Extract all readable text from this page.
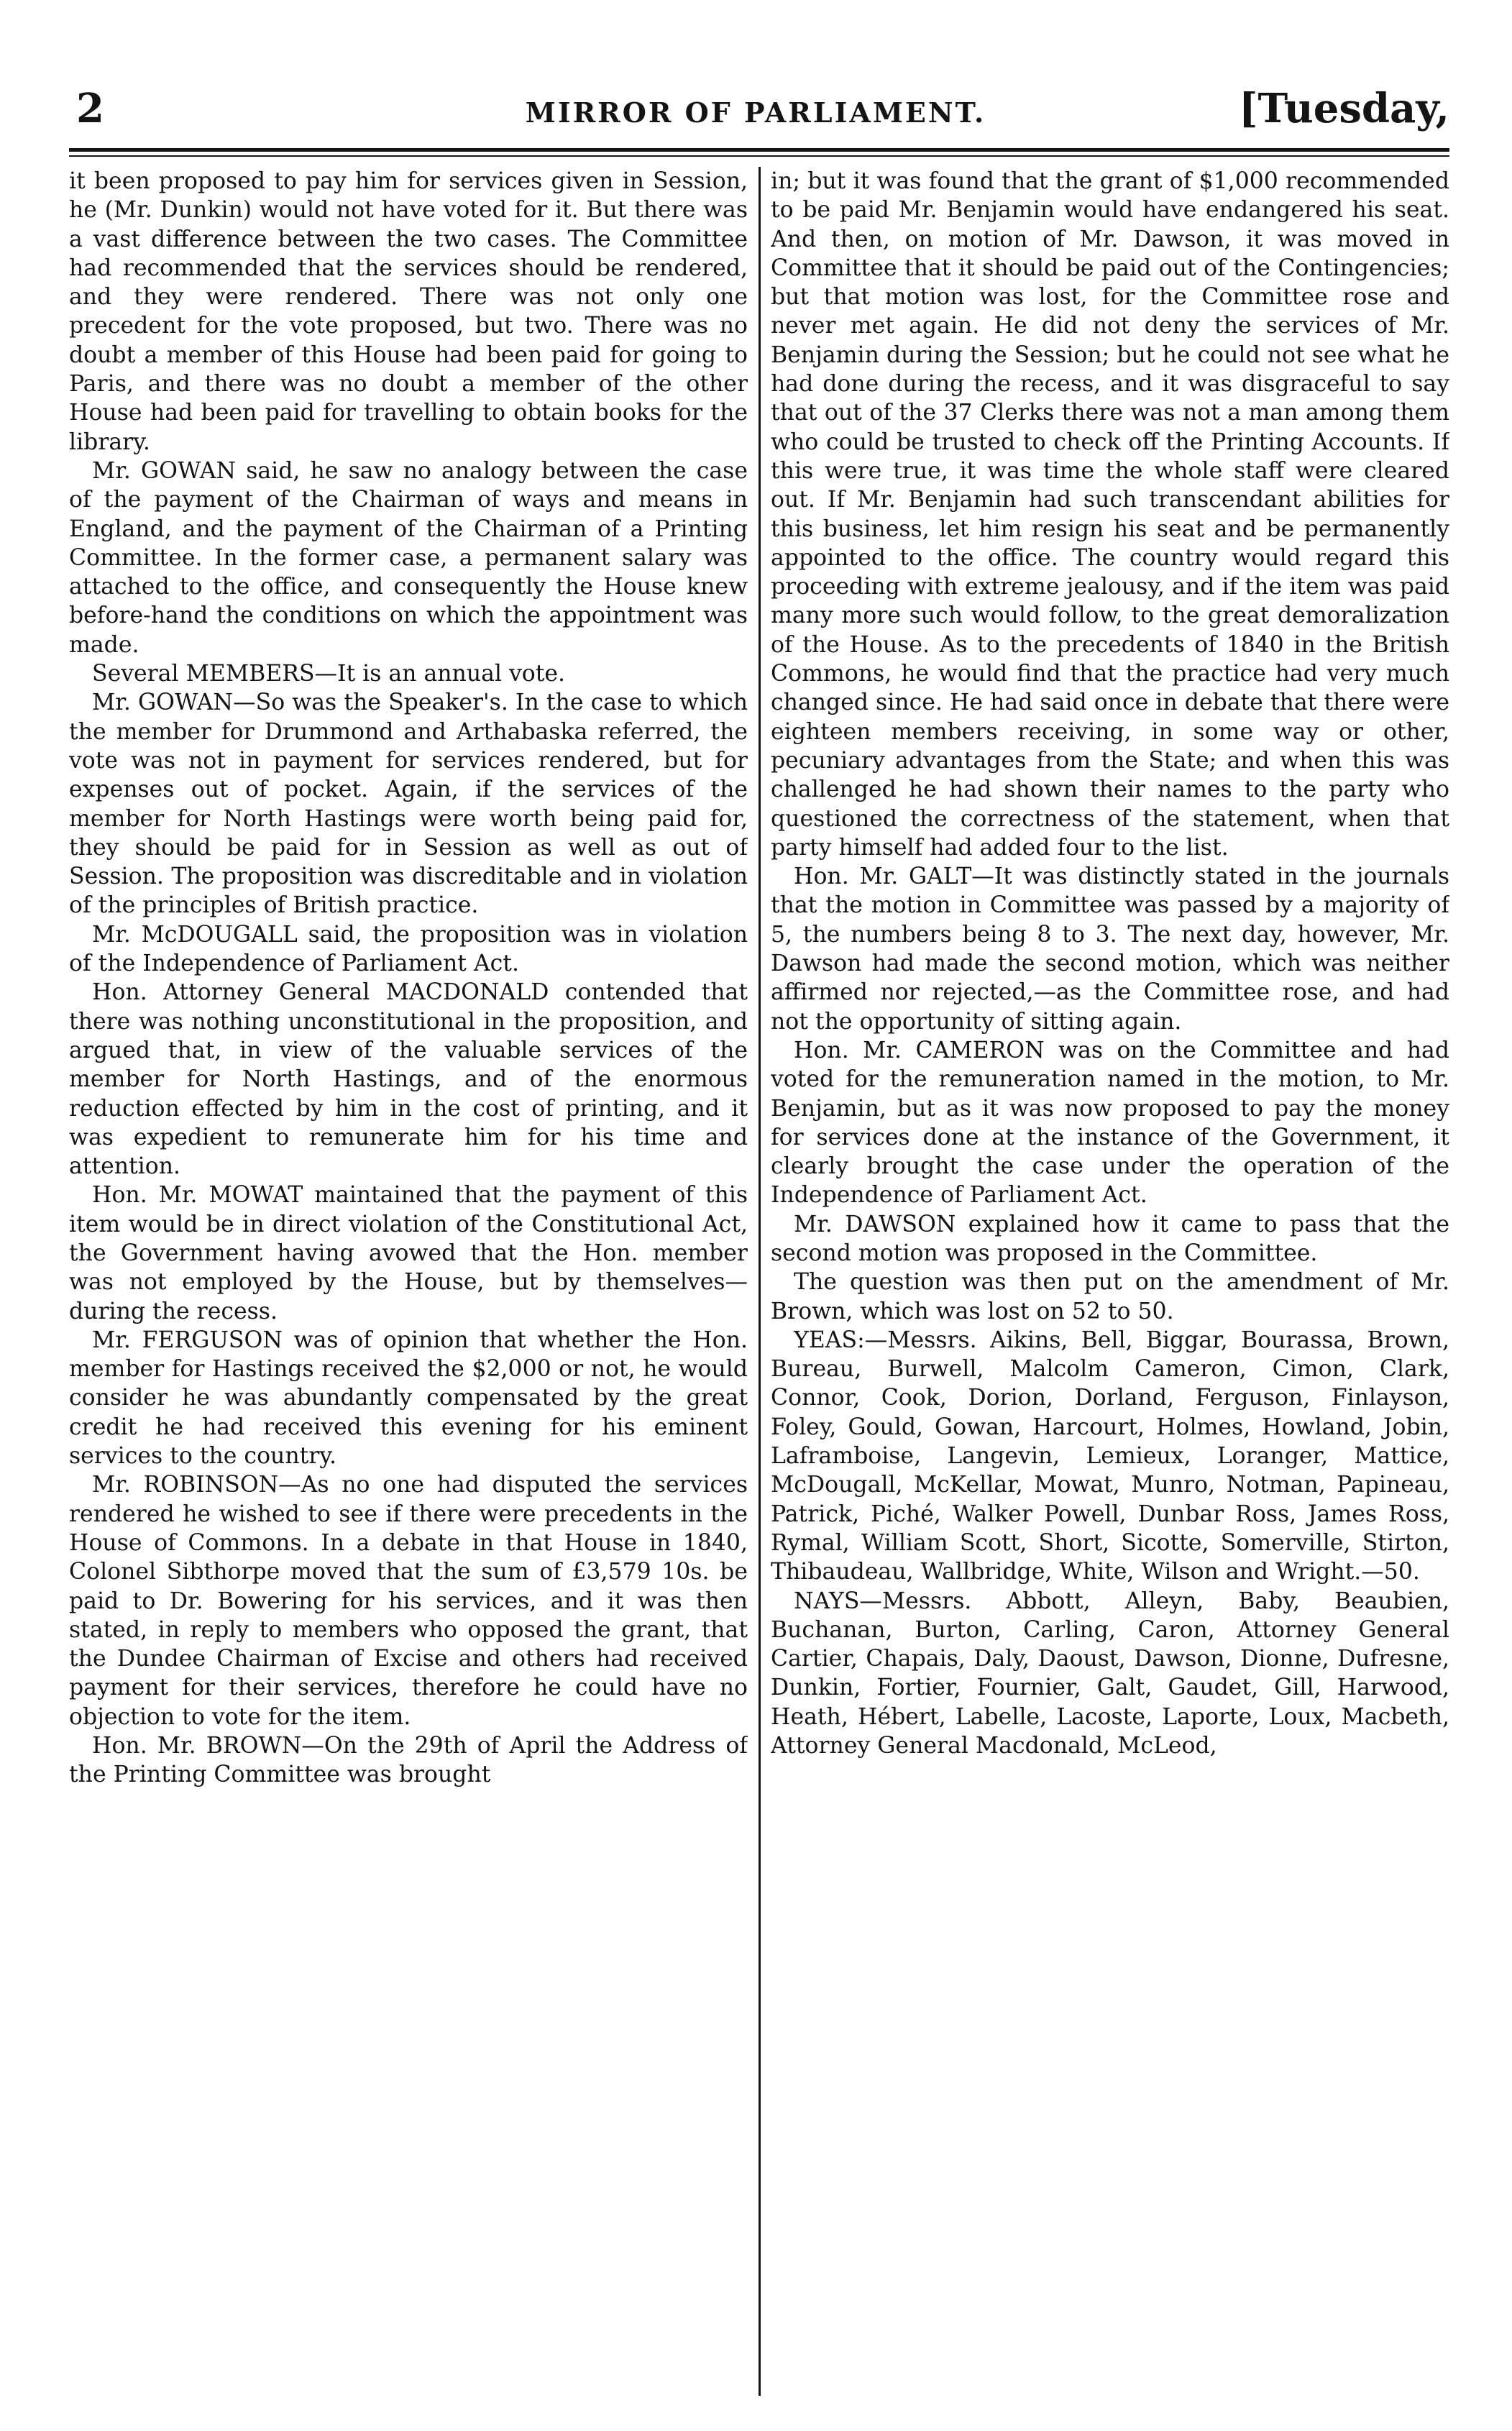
2	MIRROR OF PARLIAMENT.	[Tuesday,

it been proposed to pay him for services given in Session, he (Mr. Dunkin) would not have voted for it. But there was a vast difference between the two cases. The Committee had recommended that the services should be rendered, and they were rendered. There was not only one precedent for the vote proposed, but two. There was no doubt a member of this House had been paid for going to Paris, and there was no doubt a member of the other House had been paid for travelling to obtain books for the library.

Mr. GOWAN said, he saw no analogy between the case of the payment of the Chairman of ways and means in England, and the payment of the Chairman of a Printing Committee. In the former case, a permanent salary was attached to the office, and consequently the House knew before-hand the conditions on which the appointment was made.

Several MEMBERS—It is an annual vote.

Mr. GOWAN—So was the Speaker's. In the case to which the member for Drummond and Arthabaska referred, the vote was not in payment for services rendered, but for expenses out of pocket. Again, if the services of the member for North Hastings were worth being paid for, they should be paid for in Session as well as out of Session. The proposition was discreditable and in violation of the principles of British practice.

Mr. McDOUGALL said, the proposition was in violation of the Independence of Parliament Act.

Hon. Attorney General MACDONALD contended that there was nothing unconstitutional in the proposition, and argued that, in view of the valuable services of the member for North Hastings, and of the enormous reduction effected by him in the cost of printing, and it was expedient to remunerate him for his time and attention.

Hon. Mr. MOWAT maintained that the payment of this item would be in direct violation of the Constitutional Act, the Government having avowed that the Hon. member was not employed by the House, but by themselves—during the recess.

Mr. FERGUSON was of opinion that whether the Hon. member for Hastings received the $2,000 or not, he would consider he was abundantly compensated by the great credit he had received this evening for his eminent services to the country.

Mr. ROBINSON—As no one had disputed the services rendered he wished to see if there were precedents in the House of Commons. In a debate in that House in 1840, Colonel Sibthorpe moved that the sum of £3,579 10s. be paid to Dr. Bowering for his services, and it was then stated, in reply to members who opposed the grant, that the Dundee Chairman of Excise and others had received payment for their services, therefore he could have no objection to vote for the item.

Hon. Mr. BROWN—On the 29th of April the Address of the Printing Committee was brought

in; but it was found that the grant of $1,000 recommended to be paid Mr. Benjamin would have endangered his seat. And then, on motion of Mr. Dawson, it was moved in Committee that it should be paid out of the Contingencies; but that motion was lost, for the Committee rose and never met again. He did not deny the services of Mr. Benjamin during the Session; but he could not see what he had done during the recess, and it was disgraceful to say that out of the 37 Clerks there was not a man among them who could be trusted to check off the Printing Accounts. If this were true, it was time the whole staff were cleared out. If Mr. Benjamin had such transcendant abilities for this business, let him resign his seat and be permanently appointed to the office. The country would regard this proceeding with extreme jealousy, and if the item was paid many more such would follow, to the great demoralization of the House. As to the precedents of 1840 in the British Commons, he would find that the practice had very much changed since. He had said once in debate that there were eighteen members receiving, in some way or other, pecuniary advantages from the State; and when this was challenged he had shown their names to the party who questioned the correctness of the statement, when that party himself had added four to the list.

Hon. Mr. GALT—It was distinctly stated in the journals that the motion in Committee was passed by a majority of 5, the numbers being 8 to 3. The next day, however, Mr. Dawson had made the second motion, which was neither affirmed nor rejected,—as the Committee rose, and had not the opportunity of sitting again.

Hon. Mr. CAMERON was on the Committee and had voted for the remuneration named in the motion, to Mr. Benjamin, but as it was now proposed to pay the money for services done at the instance of the Government, it clearly brought the case under the operation of the Independence of Parliament Act.

Mr. DAWSON explained how it came to pass that the second motion was proposed in the Committee.

The question was then put on the amendment of Mr. Brown, which was lost on 52 to 50.

YEAS:—Messrs. Aikins, Bell, Biggar, Bourassa, Brown, Bureau, Burwell, Malcolm Cameron, Cimon, Clark, Connor, Cook, Dorion, Dorland, Ferguson, Finlayson, Foley, Gould, Gowan, Harcourt, Holmes, Howland, Jobin, Laframboise, Langevin, Lemieux, Loranger, Mattice, McDougall, McKellar, Mowat, Munro, Notman, Papineau, Patrick, Piché, Walker Powell, Dunbar Ross, James Ross, Rymal, William Scott, Short, Sicotte, Somerville, Stirton, Thibaudeau, Wallbridge, White, Wilson and Wright.—50.

NAYS—Messrs. Abbott, Alleyn, Baby, Beaubien, Buchanan, Burton, Carling, Caron, Attorney General Cartier, Chapais, Daly, Daoust, Dawson, Dionne, Dufresne, Dunkin, Fortier, Fournier, Galt, Gaudet, Gill, Harwood, Heath, Hébert, Labelle, Lacoste, Laporte, Loux, Macbeth, Attorney General Macdonald, McLeod,
